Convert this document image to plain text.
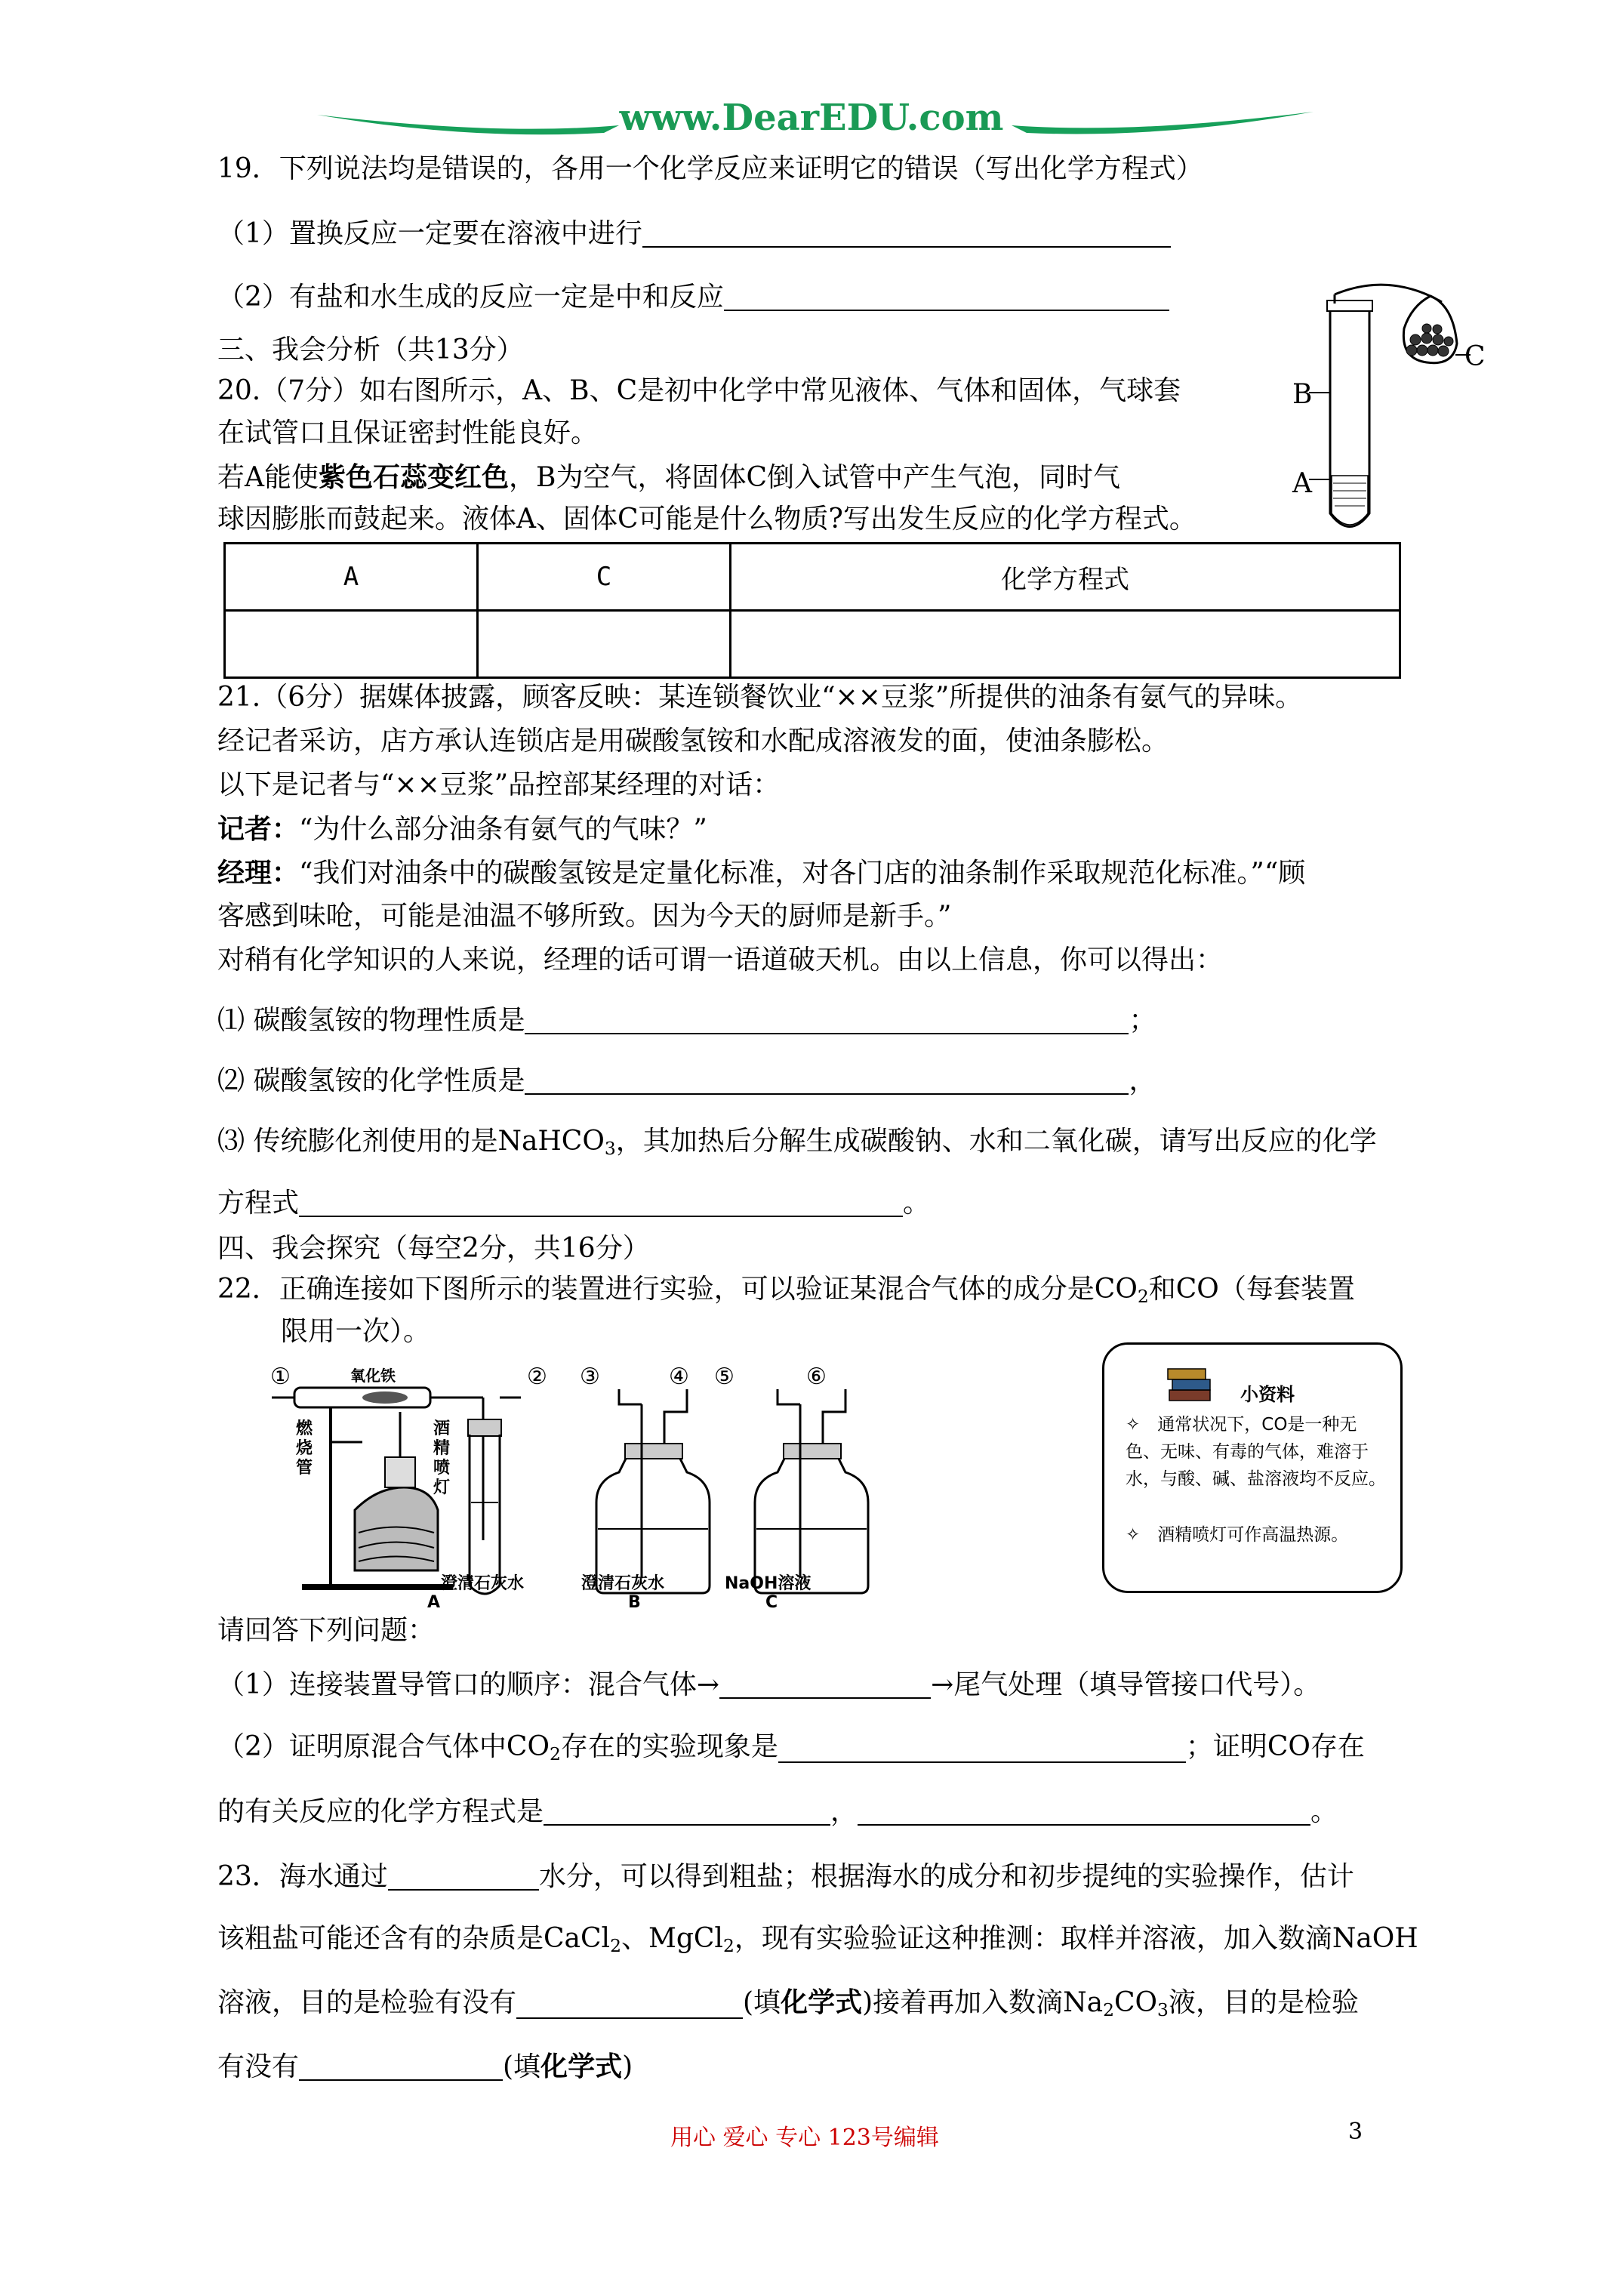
www.DearEDU.com
19．下列说法均是错误的，各用一个化学反应来证明它的错误（写出化学方程式）
（1）置换反应一定要在溶液中进行
（2）有盐和水生成的反应一定是中和反应
三、我会分析（共13分）
20.（7分）如右图所示，A、B、C是初中化学中常见液体、气体和固体，气球套
在试管口且保证密封性能良好。
若A能使紫色石蕊变红色，B为空气，将固体C倒入试管中产生气泡，同时气
球因膨胀而鼓起来。液体A、固体C可能是什么物质?写出发生反应的化学方程式。
C
B
A
A	C	化学方程式

21.（6分）据媒体披露，顾客反映：某连锁餐饮业“××豆浆”所提供的油条有氨气的异味。
经记者采访，店方承认连锁店是用碳酸氢铵和水配成溶液发的面，使油条膨松。
以下是记者与“××豆浆”品控部某经理的对话：
记者：“为什么部分油条有氨气的气味？”
经理：“我们对油条中的碳酸氢铵是定量化标准，对各门店的油条制作采取规范化标准。”“顾
客感到味呛，可能是油温不够所致。因为今天的厨师是新手。”
对稍有化学知识的人来说，经理的话可谓一语道破天机。由以上信息，你可以得出：
⑴ 碳酸氢铵的物理性质是	；
⑵ 碳酸氢铵的化学性质是	，
⑶ 传统膨化剂使用的是NaHCO$_3$，其加热后分解生成碳酸钠、水和二氧化碳，请写出反应的化学
方程式	。
四、我会探究（每空2分，共16分）
22．正确连接如下图所示的装置进行实验，可以验证某混合气体的成分是$CO_2$和CO（每套装置
限用一次）。
①	② ③	④ ⑤	⑥
氧化铁
燃烧管
酒精喷灯
澄清石灰水	澄清石灰水	NaOH溶液
A	B	C
小资料
✧　通常状况下，CO是一种无色、无味、有毒的气体，难溶于水，与酸、碱、盐溶液均不反应。
✧　酒精喷灯可作高温热源。
请回答下列问题：
（1）连接装置导管口的顺序：混合气体→	→尾气处理（填导管接口代号）。
（2）证明原混合气体中$CO_2$存在的实验现象是	；证明CO存在
的有关反应的化学方程式是	，	。
23．海水通过	水分，可以得到粗盐；根据海水的成分和初步提纯的实验操作，估计
该粗盐可能还含有的杂质是CaCl$_2$、MgCl$_2$，现有实验验证这种推测：取样并溶液，加入数滴NaOH
溶液，目的是检验有没有	(填化学式)接着再加入数滴$Na_2CO_3$液，目的是检验
有没有	(填化学式)
用心 爱心 专心 123号编辑	3
